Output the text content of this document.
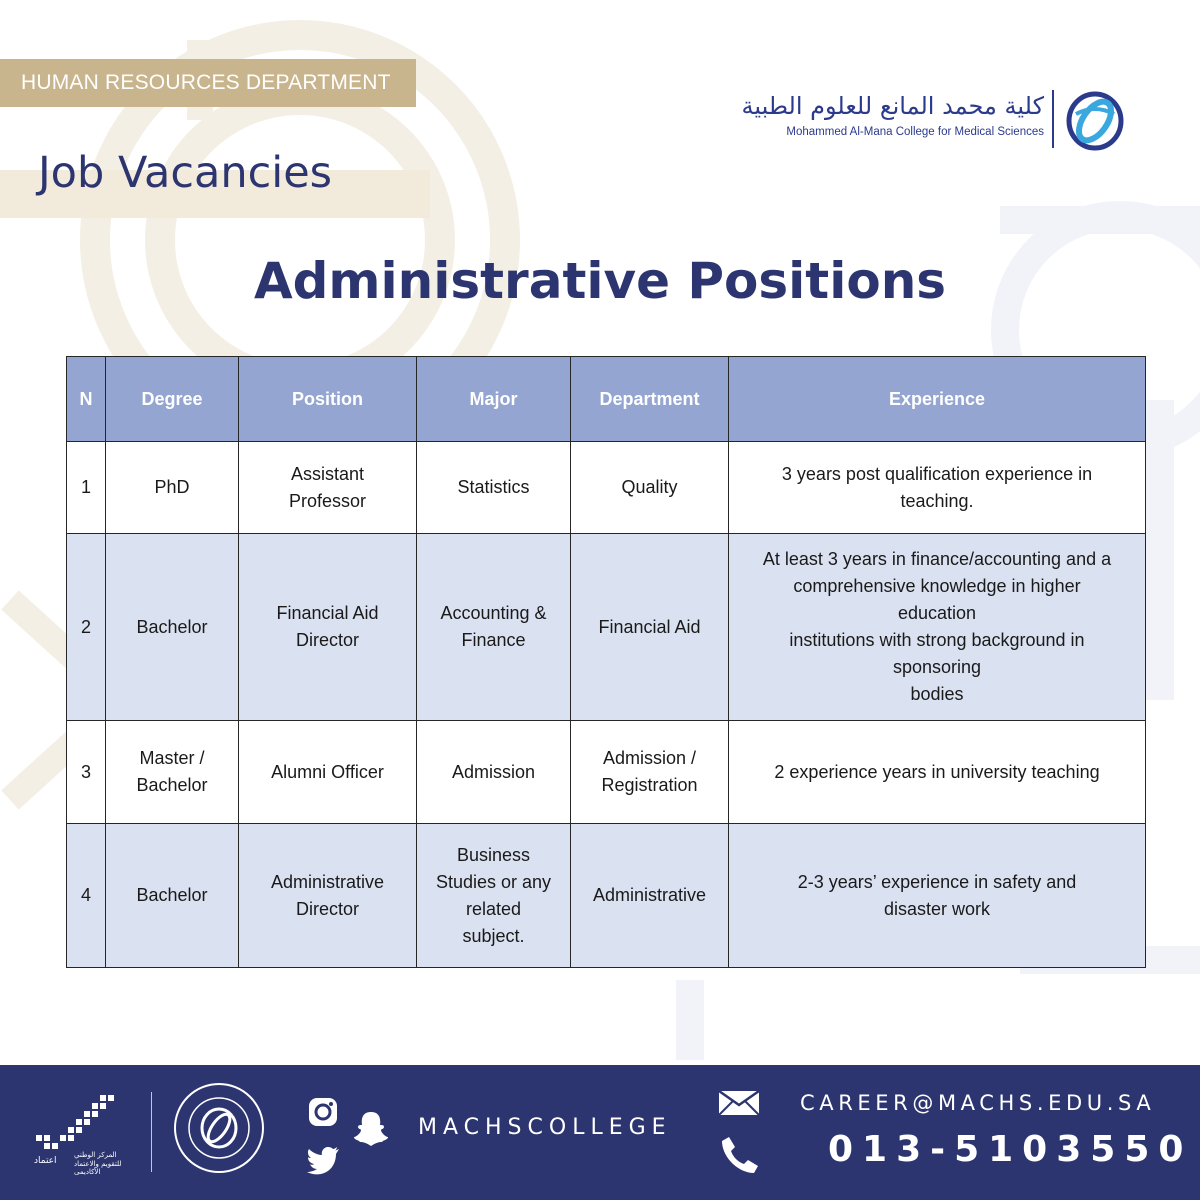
HUMAN RESOURCES DEPARTMENT
Job Vacancies
كلية محمد المانع للعلوم الطبية
Mohammed Al-Mana College for Medical Sciences
Administrative Positions
N	Degree	Position	Major	Department	Experience
1	PhD	Assistant Professor	Statistics	Quality	3 years post qualification experience in teaching.
2	Bachelor	Financial Aid Director	Accounting & Finance	Financial Aid	At least 3 years in finance/accounting and a comprehensive knowledge in higher education
institutions with strong background in sponsoring
bodies
3	Master / Bachelor	Alumni Officer	Admission	Admission / Registration	2 experience years in university teaching
4	Bachelor	Administrative Director	Business Studies or any related subject.	Administrative	2-3 years’ experience in safety and disaster work
اعتماد
المركز الوطني
للتقويم والاعتماد
الأكاديمي
MACHSCOLLEGE
CAREER@MACHS.EDU.SA
013-5103550
